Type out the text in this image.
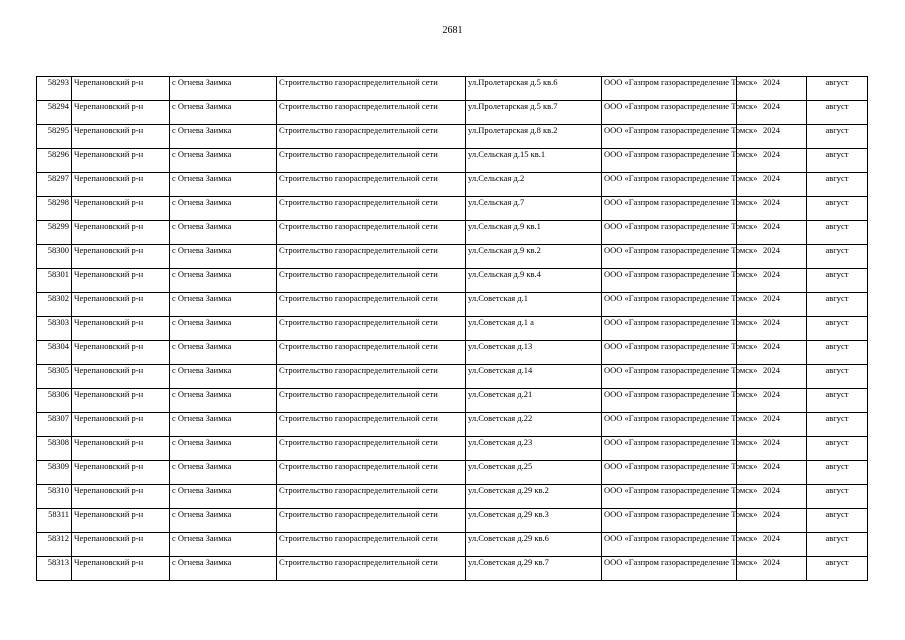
2681
58293	Черепановский р-н	с Огнева Заимка	Строительство газораспределительной сети	ул.Пролетарская д.5 кв.6	ООО «Газпром газораспределение Томск»	2024	август
58294	Черепановский р-н	с Огнева Заимка	Строительство газораспределительной сети	ул.Пролетарская д.5 кв.7	ООО «Газпром газораспределение Томск»	2024	август
58295	Черепановский р-н	с Огнева Заимка	Строительство газораспределительной сети	ул.Пролетарская д.8 кв.2	ООО «Газпром газораспределение Томск»	2024	август
58296	Черепановский р-н	с Огнева Заимка	Строительство газораспределительной сети	ул.Сельская д.15 кв.1	ООО «Газпром газораспределение Томск»	2024	август
58297	Черепановский р-н	с Огнева Заимка	Строительство газораспределительной сети	ул.Сельская д.2	ООО «Газпром газораспределение Томск»	2024	август
58298	Черепановский р-н	с Огнева Заимка	Строительство газораспределительной сети	ул.Сельская д.7	ООО «Газпром газораспределение Томск»	2024	август
58299	Черепановский р-н	с Огнева Заимка	Строительство газораспределительной сети	ул.Сельская д.9 кв.1	ООО «Газпром газораспределение Томск»	2024	август
58300	Черепановский р-н	с Огнева Заимка	Строительство газораспределительной сети	ул.Сельская д.9 кв.2	ООО «Газпром газораспределение Томск»	2024	август
58301	Черепановский р-н	с Огнева Заимка	Строительство газораспределительной сети	ул.Сельская д.9 кв.4	ООО «Газпром газораспределение Томск»	2024	август
58302	Черепановский р-н	с Огнева Заимка	Строительство газораспределительной сети	ул.Советская д.1	ООО «Газпром газораспределение Томск»	2024	август
58303	Черепановский р-н	с Огнева Заимка	Строительство газораспределительной сети	ул.Советская д.1 а	ООО «Газпром газораспределение Томск»	2024	август
58304	Черепановский р-н	с Огнева Заимка	Строительство газораспределительной сети	ул.Советская д.13	ООО «Газпром газораспределение Томск»	2024	август
58305	Черепановский р-н	с Огнева Заимка	Строительство газораспределительной сети	ул.Советская д.14	ООО «Газпром газораспределение Томск»	2024	август
58306	Черепановский р-н	с Огнева Заимка	Строительство газораспределительной сети	ул.Советская д.21	ООО «Газпром газораспределение Томск»	2024	август
58307	Черепановский р-н	с Огнева Заимка	Строительство газораспределительной сети	ул.Советская д.22	ООО «Газпром газораспределение Томск»	2024	август
58308	Черепановский р-н	с Огнева Заимка	Строительство газораспределительной сети	ул.Советская д.23	ООО «Газпром газораспределение Томск»	2024	август
58309	Черепановский р-н	с Огнева Заимка	Строительство газораспределительной сети	ул.Советская д.25	ООО «Газпром газораспределение Томск»	2024	август
58310	Черепановский р-н	с Огнева Заимка	Строительство газораспределительной сети	ул.Советская д.29 кв.2	ООО «Газпром газораспределение Томск»	2024	август
58311	Черепановский р-н	с Огнева Заимка	Строительство газораспределительной сети	ул.Советская д.29 кв.3	ООО «Газпром газораспределение Томск»	2024	август
58312	Черепановский р-н	с Огнева Заимка	Строительство газораспределительной сети	ул.Советская д.29 кв.6	ООО «Газпром газораспределение Томск»	2024	август
58313	Черепановский р-н	с Огнева Заимка	Строительство газораспределительной сети	ул.Советская д.29 кв.7	ООО «Газпром газораспределение Томск»	2024	август
